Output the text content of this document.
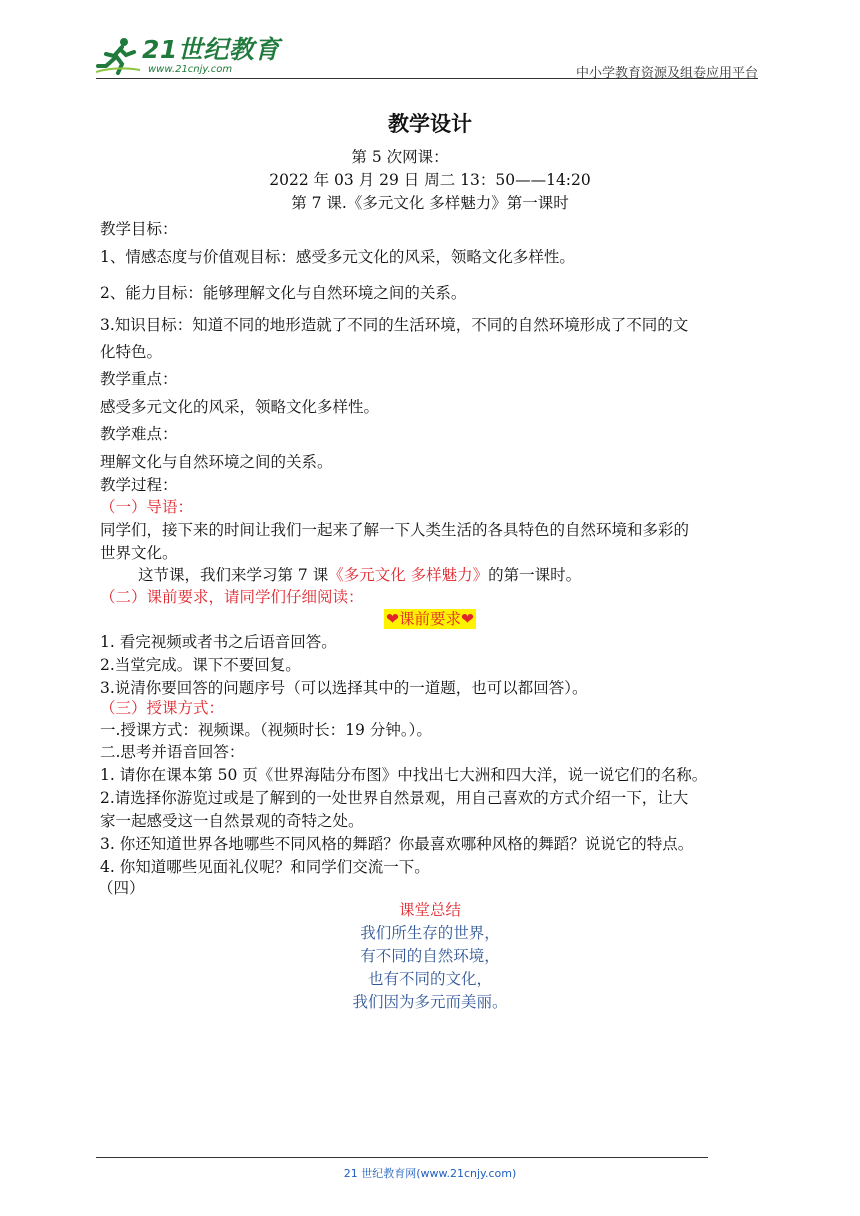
21世纪教育
www.21cnjy.com	中小学教育资源及组卷应用平台
教学设计
第 5 次网课：
2022 年 03 月 29 日 周二 13：50——14:20
第 7 课.《多元文化 多样魅力》第一课时
教学目标：
1、情感态度与价值观目标：感受多元文化的风采，领略文化多样性。
2、能力目标：能够理解文化与自然环境之间的关系。
3.知识目标：知道不同的地形造就了不同的生活环境，不同的自然环境形成了不同的文
化特色。
教学重点：
感受多元文化的风采，领略文化多样性。
教学难点：
理解文化与自然环境之间的关系。
教学过程：
（一）导语：
同学们，接下来的时间让我们一起来了解一下人类生活的各具特色的自然环境和多彩的
世界文化。
这节课，我们来学习第 7 课《多元文化 多样魅力》的第一课时。
（二）课前要求，请同学们仔细阅读：
❤课前要求❤
1. 看完视频或者书之后语音回答。
2.当堂完成。课下不要回复。
3.说清你要回答的问题序号（可以选择其中的一道题，也可以都回答）。
（三）授课方式：
一.授课方式：视频课。（视频时长：19 分钟。）。
二.思考并语音回答：
1. 请你在课本第 50 页《世界海陆分布图》中找出七大洲和四大洋，说一说它们的名称。
2.请选择你游览过或是了解到的一处世界自然景观，用自己喜欢的方式介绍一下，让大
家一起感受这一自然景观的奇特之处。
3. 你还知道世界各地哪些不同风格的舞蹈？你最喜欢哪种风格的舞蹈？说说它的特点。
4. 你知道哪些见面礼仪呢？和同学们交流一下。
（四）
课堂总结
我们所生存的世界，
有不同的自然环境，
也有不同的文化，
我们因为多元而美丽。
21 世纪教育网(www.21cnjy.com)
